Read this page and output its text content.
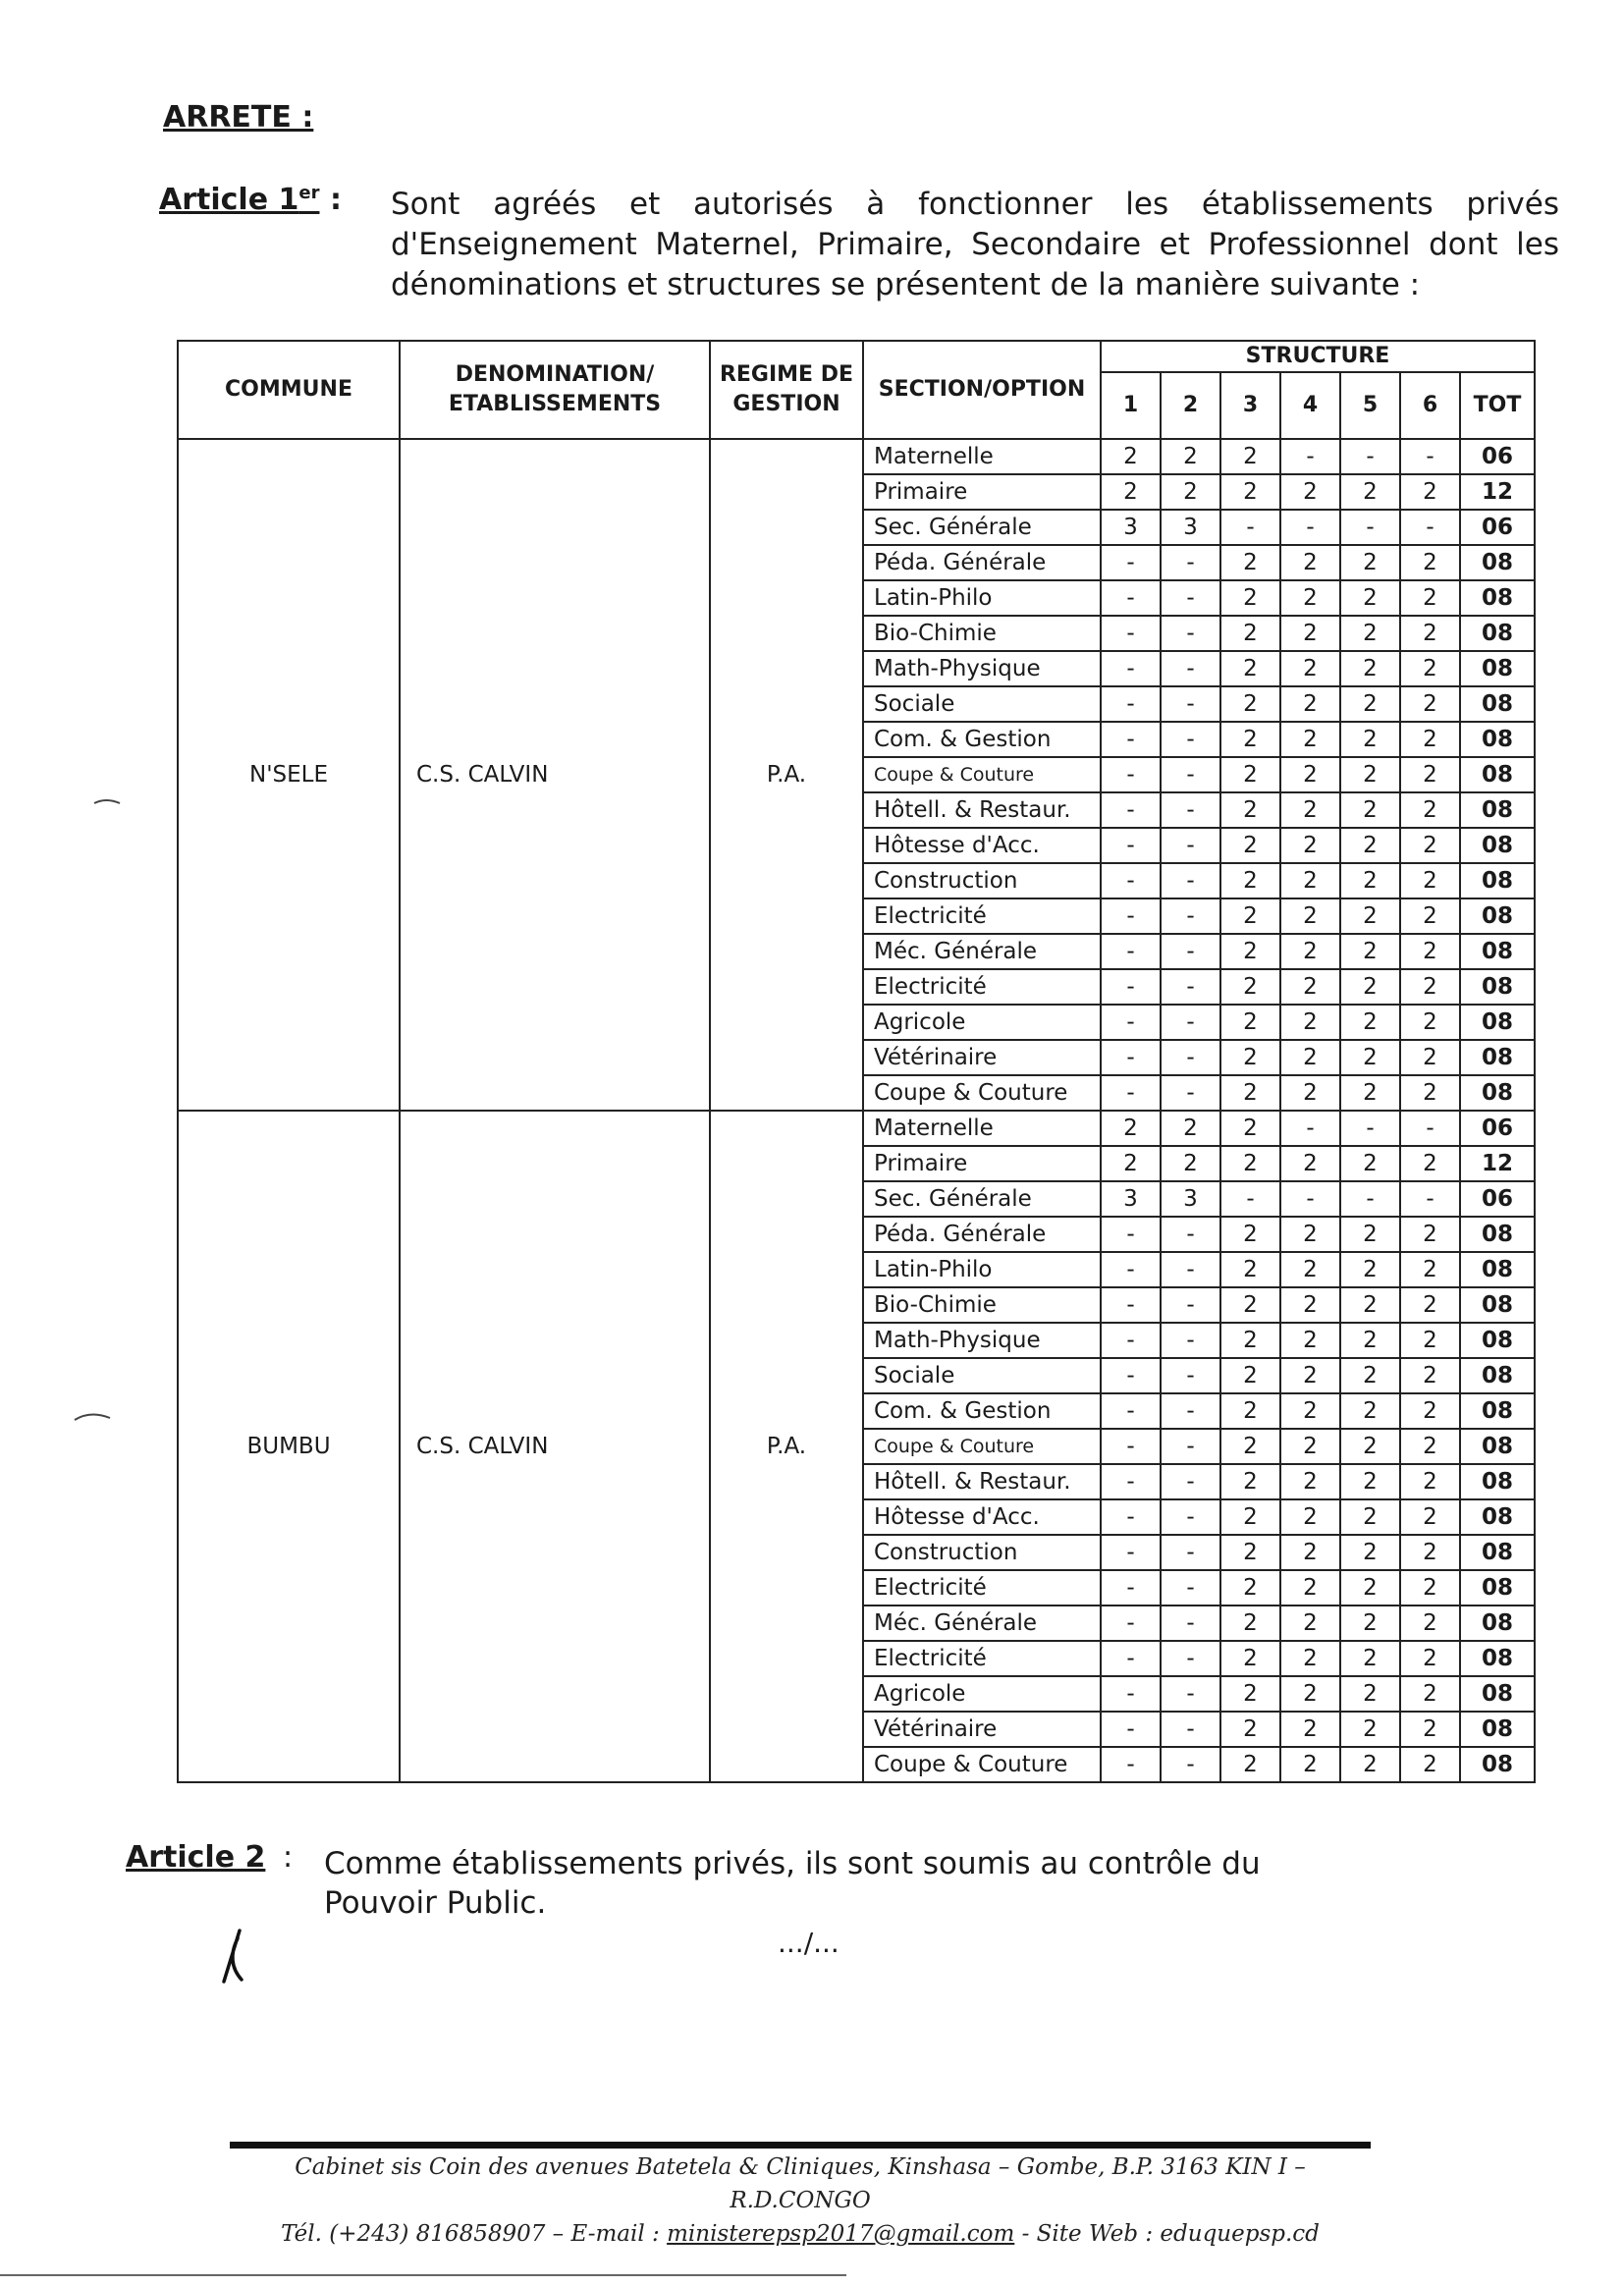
ARRETE :
Article 1er : Sont agréés et autorisés à fonctionner les établissements privés d'Enseignement Maternel, Primaire, Secondaire et Professionnel dont les dénominations et structures se présentent de la manière suivante :
COMMUNE	DENOMINATION/ ETABLISSEMENTS	REGIME DE GESTION	SECTION/OPTION	STRUCTURE						
				1	2	3	4	5	6	TOT
N'SELE	C.S. CALVIN	P.A.	Maternelle	2	2	2	-	-	-	06
			Primaire	2	2	2	2	2	2	12
			Sec. Générale	3	3	-	-	-	-	06
			Péda. Générale	-	-	2	2	2	2	08
			Latin-Philo	-	-	2	2	2	2	08
			Bio-Chimie	-	-	2	2	2	2	08
			Math-Physique	-	-	2	2	2	2	08
			Sociale	-	-	2	2	2	2	08
			Com. & Gestion	-	-	2	2	2	2	08
			Coupe & Couture	-	-	2	2	2	2	08
			Hôtell. & Restaur.	-	-	2	2	2	2	08
			Hôtesse d'Acc.	-	-	2	2	2	2	08
			Construction	-	-	2	2	2	2	08
			Electricité	-	-	2	2	2	2	08
			Méc. Générale	-	-	2	2	2	2	08
			Electricité	-	-	2	2	2	2	08
			Agricole	-	-	2	2	2	2	08
			Vétérinaire	-	-	2	2	2	2	08
			Coupe & Couture	-	-	2	2	2	2	08
BUMBU	C.S. CALVIN	P.A.	Maternelle	2	2	2	-	-	-	06
			Primaire	2	2	2	2	2	2	12
			Sec. Générale	3	3	-	-	-	-	06
			Péda. Générale	-	-	2	2	2	2	08
			Latin-Philo	-	-	2	2	2	2	08
			Bio-Chimie	-	-	2	2	2	2	08
			Math-Physique	-	-	2	2	2	2	08
			Sociale	-	-	2	2	2	2	08
			Com. & Gestion	-	-	2	2	2	2	08
			Coupe & Couture	-	-	2	2	2	2	08
			Hôtell. & Restaur.	-	-	2	2	2	2	08
			Hôtesse d'Acc.	-	-	2	2	2	2	08
			Construction	-	-	2	2	2	2	08
			Electricité	-	-	2	2	2	2	08
			Méc. Générale	-	-	2	2	2	2	08
			Electricité	-	-	2	2	2	2	08
			Agricole	-	-	2	2	2	2	08
			Vétérinaire	-	-	2	2	2	2	08
			Coupe & Couture	-	-	2	2	2	2	08
Article 2 : Comme établissements privés, ils sont soumis au contrôle du Pouvoir Public.
.../...
Cabinet sis Coin des avenues Batetela & Cliniques, Kinshasa – Gombe, B.P. 3163 KIN I – R.D.CONGO
Tél. (+243) 816858907 – E-mail : ministerepsp2017@gmail.com - Site Web : eduquepsp.cd
